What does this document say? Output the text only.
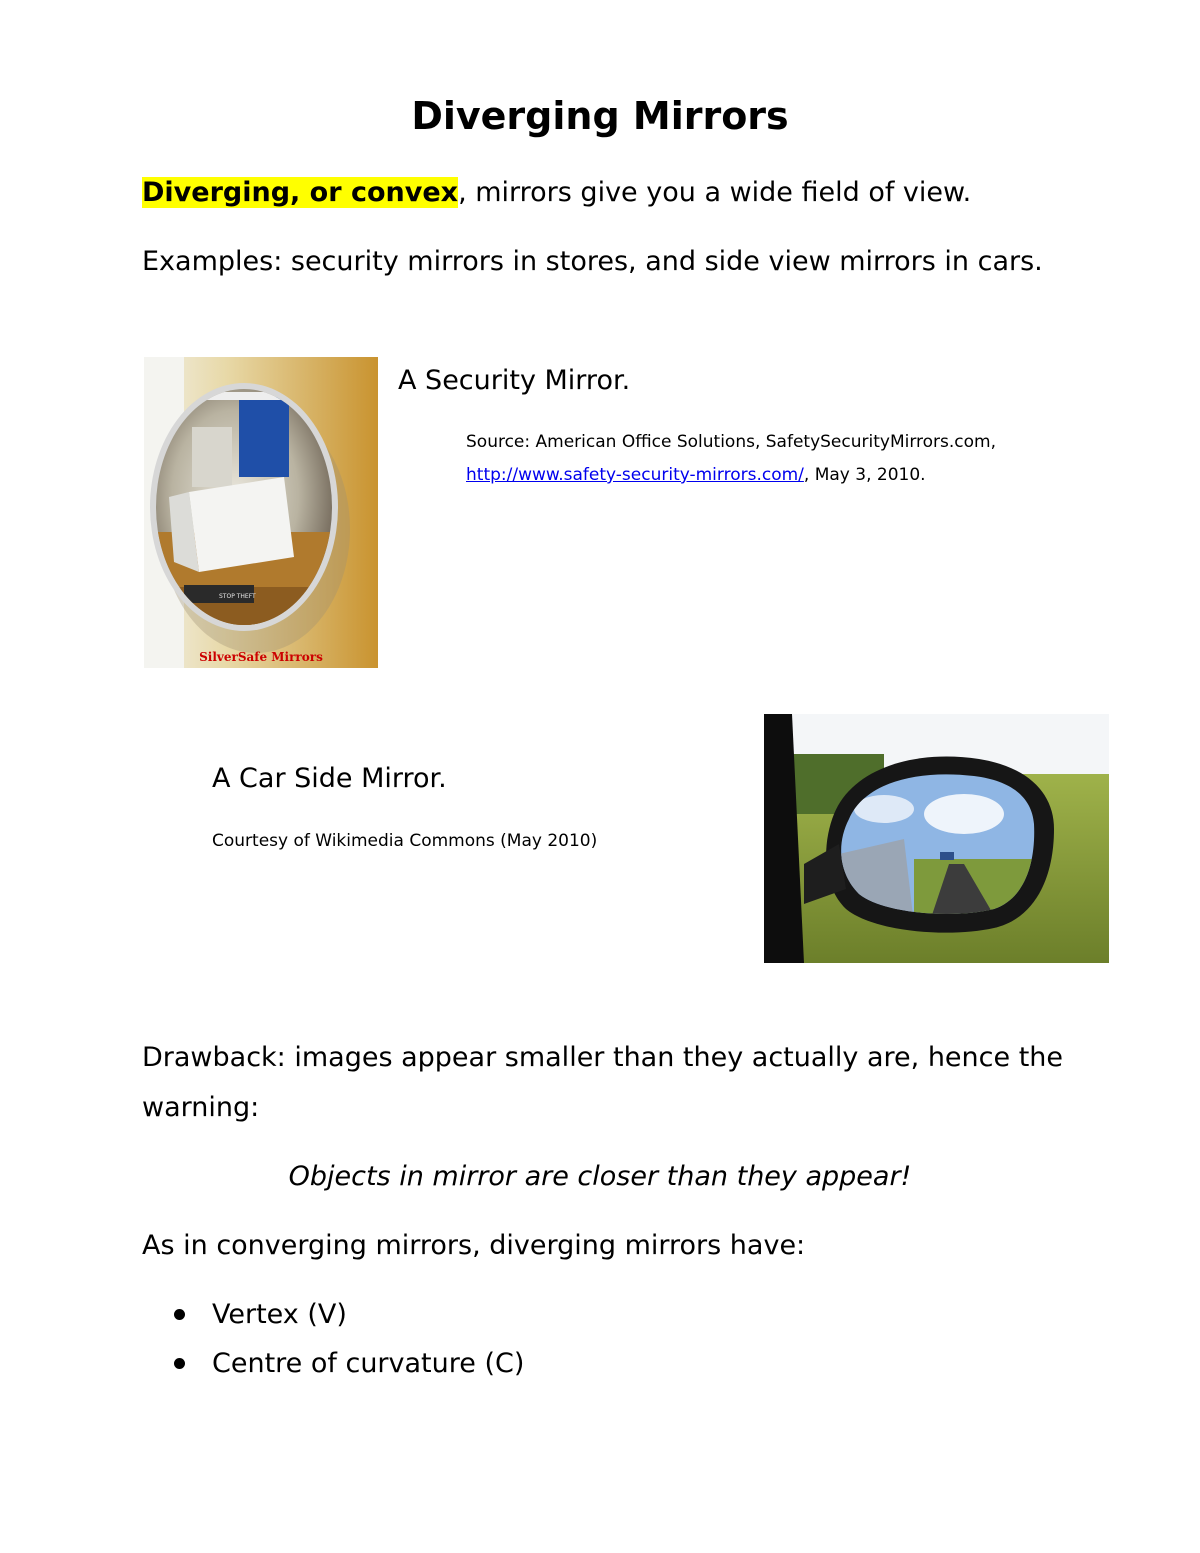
Diverging Mirrors

Diverging, or convex, mirrors give you a wide field of view.

Examples: security mirrors in stores, and side view mirrors in cars.

STOP THEFT
SilverSafe Mirrors

A Security Mirror.

Source: American Office Solutions, SafetySecurityMirrors.com, http://www.safety-security-mirrors.com/, May 3, 2010.

A Car Side Mirror.

Courtesy of Wikimedia Commons (May 2010)

Drawback: images appear smaller than they actually are, hence the warning:

Objects in mirror are closer than they appear!

As in converging mirrors, diverging mirrors have:

Vertex (V)
Centre of curvature (C)
